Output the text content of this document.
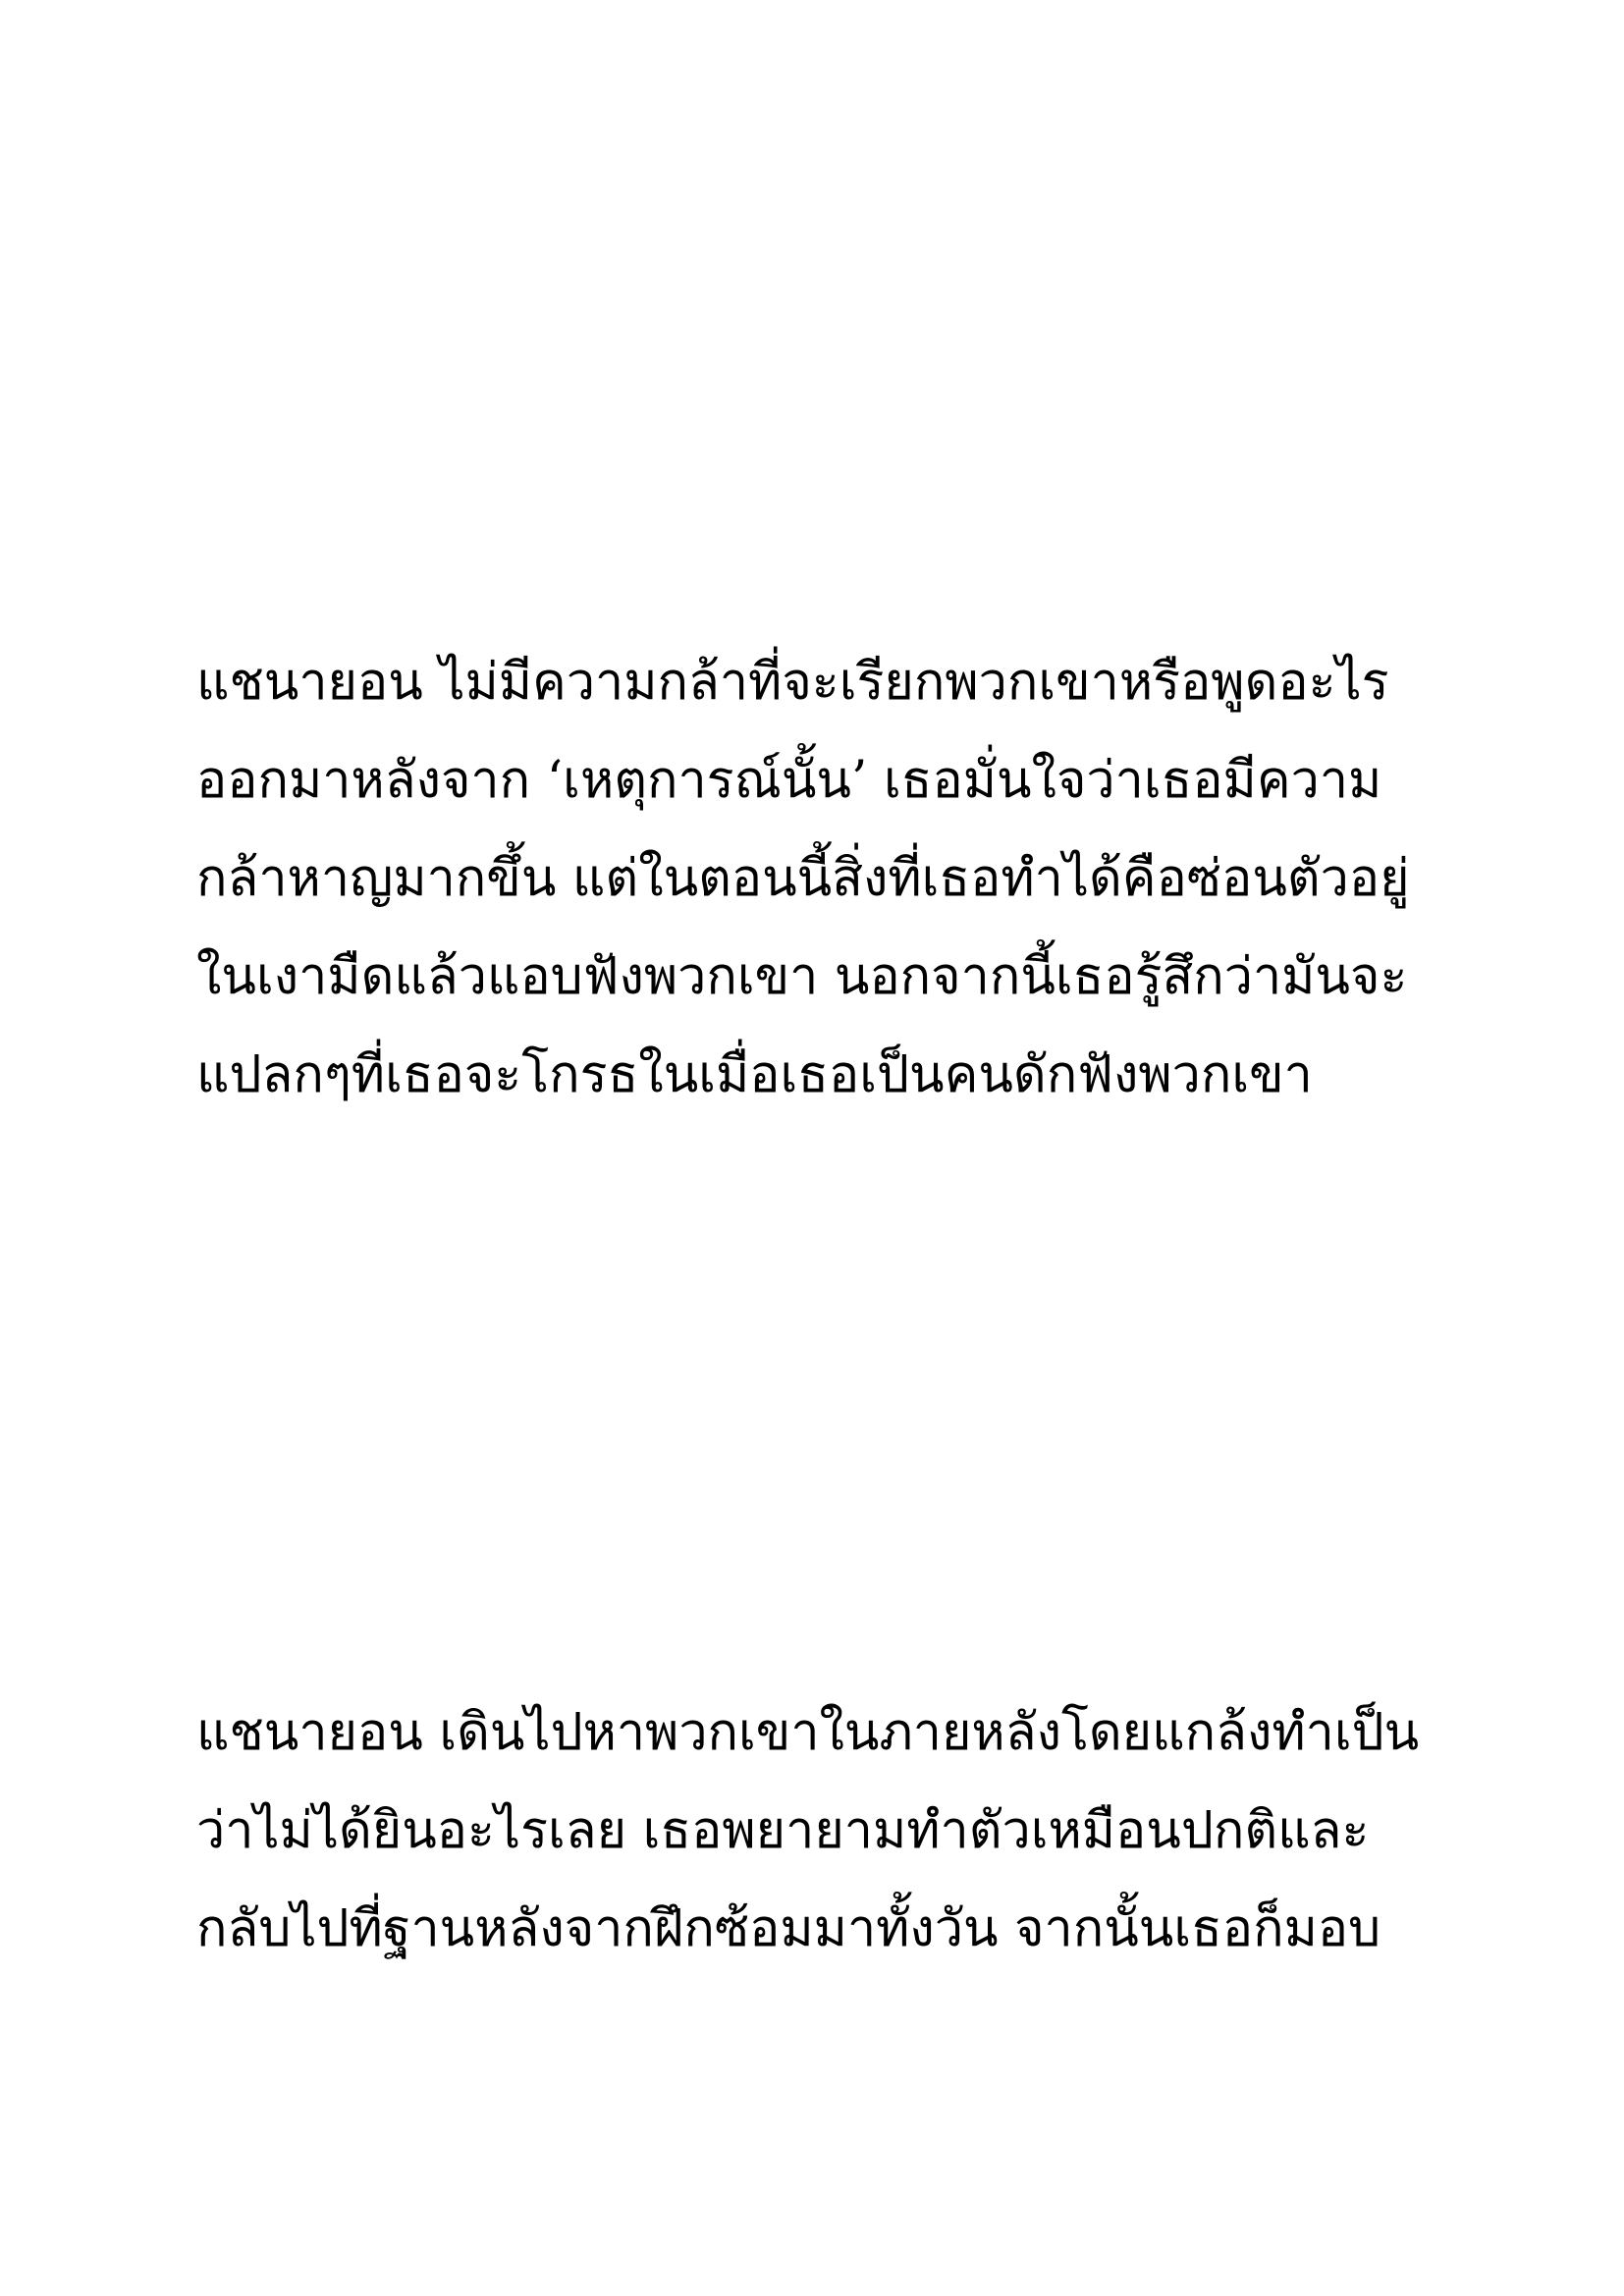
แชนายอน ไม่มีความกล้าที่จะเรียกพวกเขาหรือพูดอะไร
ออกมาหลังจาก ‘เหตุการณ์นั้น’ เธอมั่นใจว่าเธอมีความ
กล้าหาญมากขึ้น แต่ในตอนนี้สิ่งที่เธอทำได้คือซ่อนตัวอยู่
ในเงามืดแล้วแอบฟังพวกเขา นอกจากนี้เธอรู้สึกว่ามันจะ
แปลกๆที่เธอจะโกรธในเมื่อเธอเป็นคนดักฟังพวกเขา
แชนายอน เดินไปหาพวกเขาในภายหลังโดยแกล้งทำเป็น
ว่าไม่ได้ยินอะไรเลย เธอพยายามทำตัวเหมือนปกติและ
กลับไปที่ฐานหลังจากฝึกซ้อมมาทั้งวัน จากนั้นเธอก็มอบ
